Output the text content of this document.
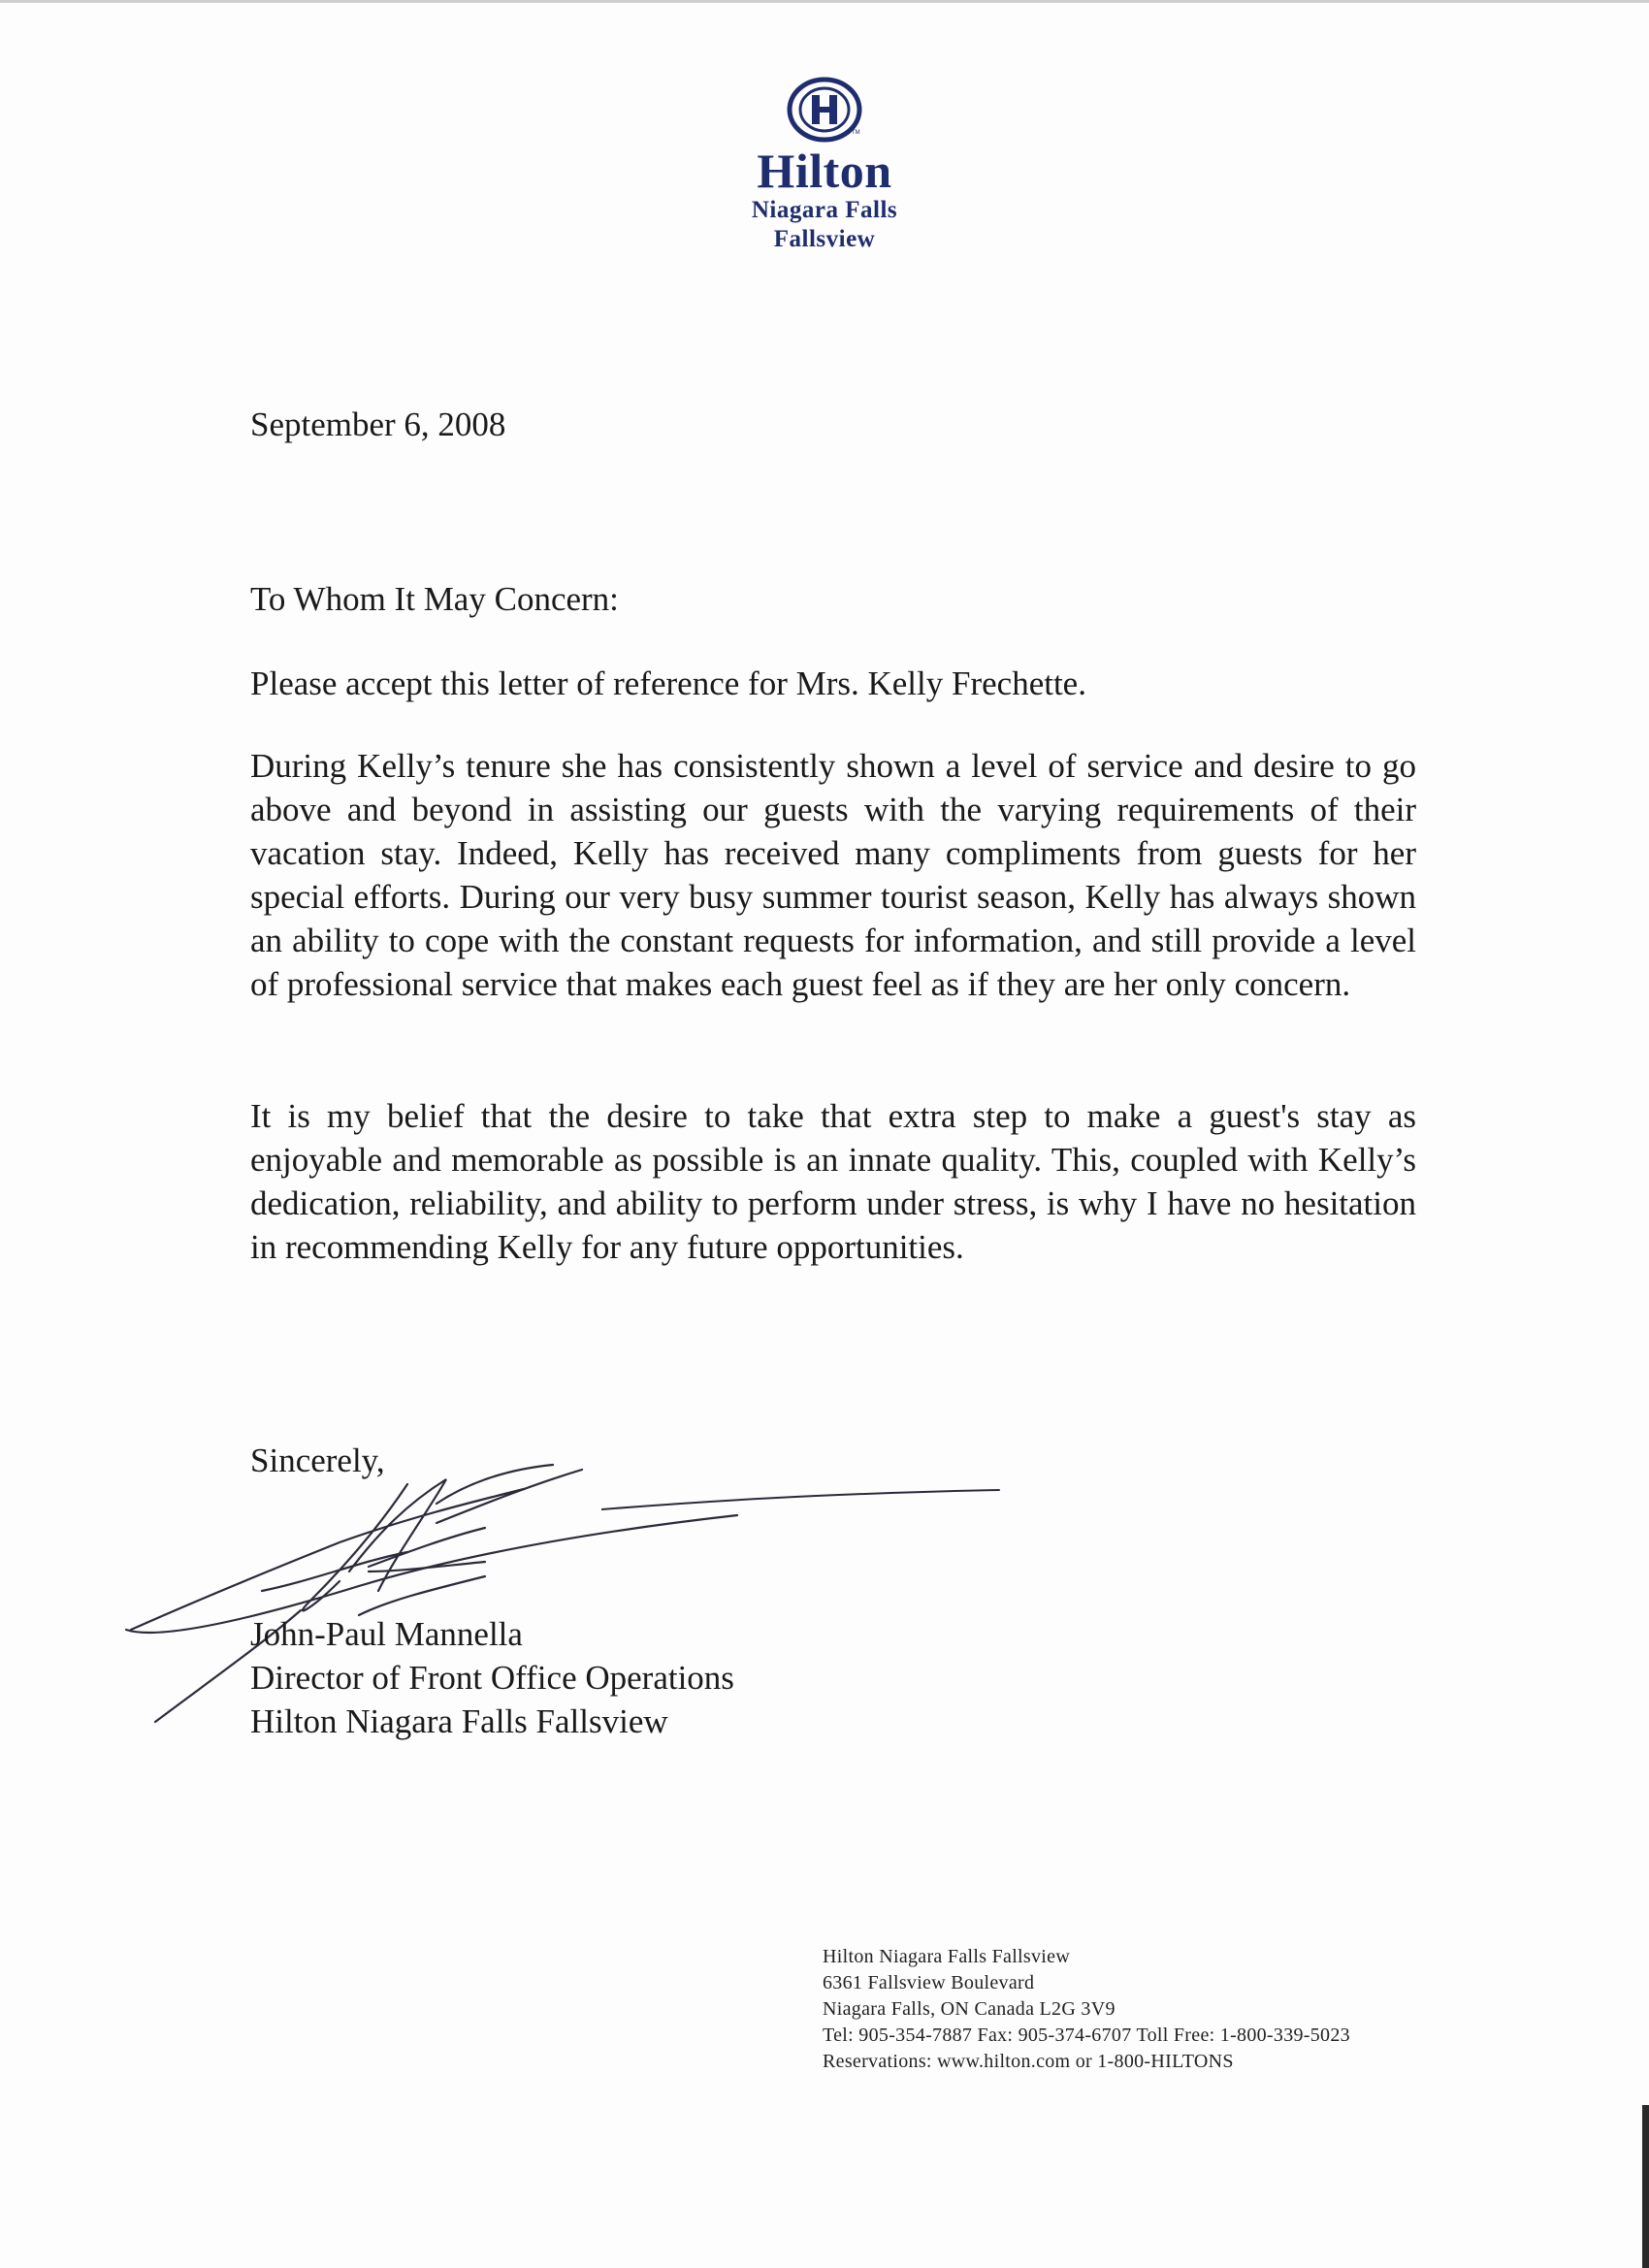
TM
Hilton
Niagara Falls
Fallsview
September 6, 2008
To Whom It May Concern:
Please accept this letter of reference for Mrs. Kelly Frechette.
During Kelly’s tenure she has consistently shown a level of service and desire to go above and beyond in assisting our guests with the varying requirements of their vacation stay. Indeed, Kelly has received many compliments from guests for her special efforts. During our very busy summer tourist season, Kelly has always shown an ability to cope with the constant requests for information, and still provide a level of professional service that makes each guest feel as if they are her only concern.
It is my belief that the desire to take that extra step to make a guest's stay as enjoyable and memorable as possible is an innate quality. This, coupled with Kelly’s dedication, reliability, and ability to perform under stress, is why I have no hesitation in recommending Kelly for any future opportunities.
Sincerely,
John-Paul Mannella
Director of Front Office Operations
Hilton Niagara Falls Fallsview
Hilton Niagara Falls Fallsview
6361 Fallsview Boulevard
Niagara Falls, ON Canada L2G 3V9
Tel: 905-354-7887 Fax: 905-374-6707 Toll Free: 1-800-339-5023
Reservations: www.hilton.com or 1-800-HILTONS
